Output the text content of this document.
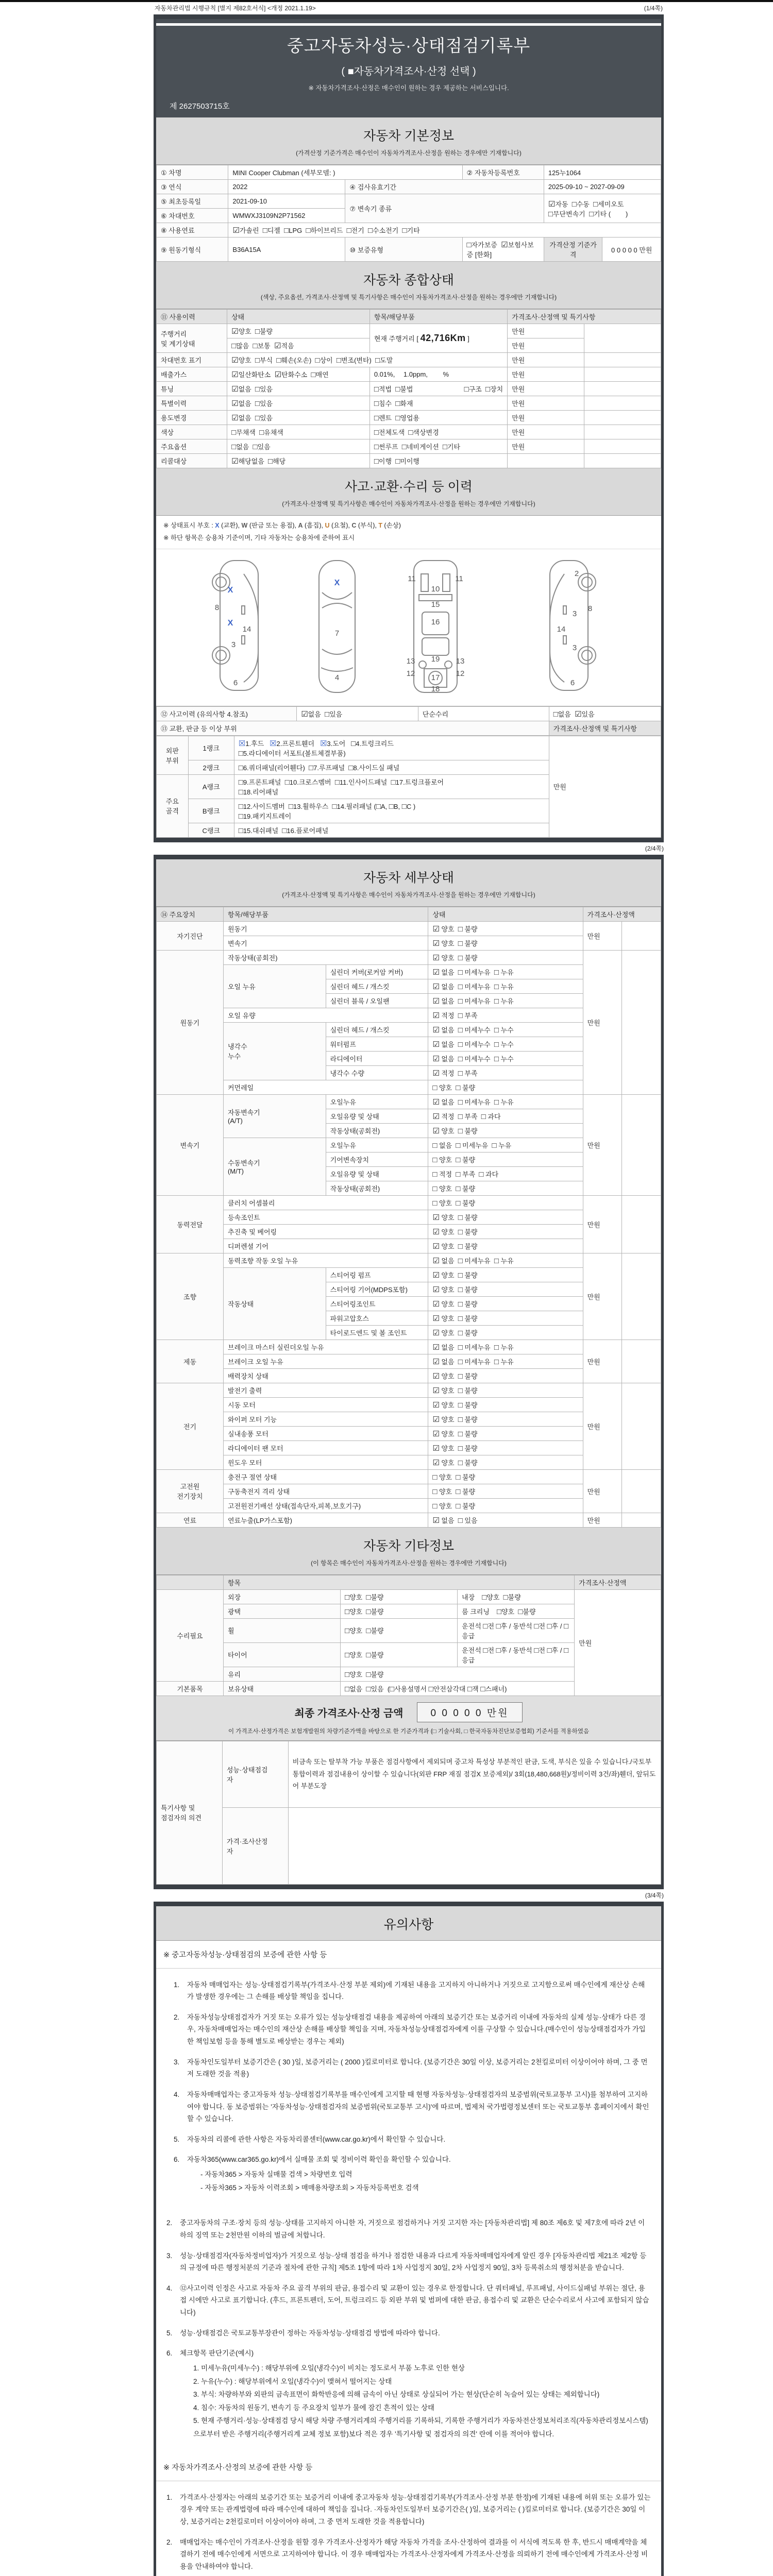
자동차관리법 시행규칙 [별지 제82호서식] <개정 2021.1.19>	(1/4쪽)
중고자동차성능·상태점검기록부
( ■자동차가격조사·산정 선택 )
※ 자동차가격조사·산정은 매수인이 원하는 경우 제공하는 서비스입니다.
제 2627503715호
자동차 기본정보
(가격산정 기준가격은 매수인이 자동차가격조사·산정을 원하는 경우에만 기재합니다)
① 차명	MINI Cooper Clubman (세부모델: )		② 자동차등록번호	125누1064	
③ 연식	2022	④ 검사유효기간		2025-09-10 ~ 2027-09-09	
⑤ 최초등록일	2021-09-10	⑦ 변속기 종류		☑자동  □수동  □세미오토
□무단변속기  □기타 (        )	
⑥ 차대번호	WMWXJ3109N2P71562				
⑧ 사용연료	☑가솔린  □디젤  □LPG  □하이브리드  □전기  □수소전기  □기타				
⑨ 원동기형식	B36A15A	⑩ 보증유형	□자가보증  ☑보험사보증 [한화]	가격산정 기준가격	0 0 0 0 0 만원
자동차 종합상태
(색상, 주요옵션, 가격조사·산정액 및 특기사항은 매수인이 자동차가격조사·산정을 원하는 경우에만 기재합니다)
⑪ 사용이력	상태	항목/해당부품	가격조사·산정액 및 특기사항	
주행거리
및 계기상태	☑양호  □불량	현재 주행거리 [ 42,716Km ]	만원	
	□많음  □보통  ☑적음		만원	
차대번호 표기	☑양호  □부식  □훼손(오손)  □상이  □변조(변타)  □도말		만원	
배출가스	☑일산화탄소  ☑탄화수소  □매연	0.01%,  1.0ppm,   %	만원	
튜닝	☑없음  □있음	□적법  □불법 □구조  □장치	만원	
특별이력	☑없음  □있음	□침수  □화재	만원	
용도변경	☑없음  □있음	□렌트  □영업용	만원	
색상	□무채색  □유채색	□전체도색  □색상변경	만원	
주요옵션	□없음  □있음	□썬루프  □네비게이션  □기타	만원	
리콜대상	☑해당없음  □해당	□이행  □미이행		
사고·교환·수리 등 이력
(가격조사·산정액 및 특기사항은 매수인이 자동차가격조사·산정을 원하는 경우에만 기재합니다)
※ 상태표시 부호 : X (교환), W (판금 또는 용접), A (흠집), U (요철), C (부식), T (손상)
※ 하단 항목은 승용차 기준이며, 기타 자동차는 승용차에 준하여 표시
8
3
14
6
X
X
7
4
X
10
15
16
19
17
18
11	11
12	12
13	13
2
3
8
14
3
6
⑫ 사고이력 (유의사항 4.참조)	☑없음  □있음	단순수리	□없음  ☑있음
⑬ 교환, 판금 등 이상 부위			가격조사·산정액 및 특기사항
외판
부위	1랭크	☒1.후드   ☒2.프론트휀더   ☒3.도어   □4.트렁크리드
□5.라디에이터 서포트(볼트체결부품)	만원
	2랭크	□6.쿼더패널(리어휀다)  □7.루프패널  □8.사이드실 패널	
주요
골격	A랭크	□9.프론트패널  □10.크로스멤버  □11.인사이드패널  □17.트렁크플로어
□18.리어패널	
	B랭크	□12.사이드멤버  □13.휠하우스  □14.필러패널 (□A, □B, □C )
□19.패키지트레이	
	C랭크	□15.대쉬패널  □16.플로어패널	
(2/4쪽)
자동차 세부상태
(가격조사·산정액 및 특기사항은 매수인이 자동차가격조사·산정을 원하는 경우에만 기재합니다)
⑭ 주요장치	항목/해당부품		상태	가격조사·산정액	
자기진단	원동기		☑ 양호  □ 불량	만원	
	변속기		☑ 양호  □ 불량		
원동기	작동상태(공회전)		☑ 양호  □ 불량	만원	
	오일 누유	실린더 커버(로커암 커버)	☑ 없음  □ 미세누유  □ 누유		
		실린더 헤드 / 개스킷	☑ 없음  □ 미세누유  □ 누유		
		실린더 블록 / 오일팬	☑ 없음  □ 미세누유  □ 누유		
	오일 유량		☑ 적정  □ 부족		
	냉각수
누수	실린더 헤드 / 개스킷	☑ 없음  □ 미세누수  □ 누수		
		워터펌프	☑ 없음  □ 미세누수  □ 누수		
		라디에이터	☑ 없음  □ 미세누수  □ 누수		
		냉각수 수량	☑ 적정  □ 부족		
	커먼레일		□ 양호  □ 불량		
변속기	자동변속기
(A/T)	오일누유	☑ 없음  □ 미세누유  □ 누유	만원	
		오일유량 및 상태	☑ 적정  □ 부족  □ 과다		
		작동상태(공회전)	☑ 양호  □ 불량		
	수동변속기
(M/T)	오일누유	□ 없음  □ 미세누유  □ 누유		
		기어변속장치	□ 양호  □ 불량		
		오일유량 및 상태	□ 적정  □ 부족  □ 과다		
		작동상태(공회전)	□ 양호  □ 불량		
동력전달	클러치 어셈블리		□ 양호  □ 불량	만원	
	등속조인트		☑ 양호  □ 불량		
	추진축 및 베어링		☑ 양호  □ 불량		
	디퍼렌셜 기어		☑ 양호  □ 불량		
조향	동력조향 작동 오일 누유		☑ 없음  □ 미세누유  □ 누유	만원	
	작동상태	스티어링 펌프	☑ 양호  □ 불량		
		스티어링 기어(MDPS포함)	☑ 양호  □ 불량		
		스티어링조인트	☑ 양호  □ 불량		
		파워고압호스	☑ 양호  □ 불량		
		타이로드엔드 및 볼 조인트	☑ 양호  □ 불량		
제동	브레이크 마스터 실린더오일 누유		☑ 없음  □ 미세누유  □ 누유	만원	
	브레이크 오일 누유		☑ 없음  □ 미세누유  □ 누유		
	배력장치 상태		☑ 양호  □ 불량		
전기	발전기 출력		☑ 양호  □ 불량	만원	
	시동 모터		☑ 양호  □ 불량		
	와이퍼 모터 기능		☑ 양호  □ 불량		
	실내송풍 모터		☑ 양호  □ 불량		
	라디에이터 팬 모터		☑ 양호  □ 불량		
	윈도우 모터		☑ 양호  □ 불량		
고전원
전기장치	충전구 절연 상태		□ 양호  □ 불량	만원	
	구동축전지 격리 상태		□ 양호  □ 불량		
	고전원전기배선 상태(접속단자,피복,보호기구)		□ 양호  □ 불량		
연료	연료누출(LP가스포함)		☑ 없음  □ 있음	만원	
자동차 기타정보
(이 항목은 매수인이 자동차가격조사·산정을 원하는 경우에만 기재합니다)
	항목			가격조사·산정액
수리필요	외장	□양호  □불량	내장 □양호  □불량	만원
	광택	□양호  □불량	룸 크리닝 □양호  □불량	

	휠	□양호  □불량	운전석 □전 □후 / 동반석 □전 □후 / □응급	
	타이어	□양호  □불량	운전석 □전 □후 / 동반석 □전 □후 / □응급	
	유리	□양호  □불량		
기본품목	보유상태	□없음  □있음  (□사용설명서 □안전삼각대 □잭 □스패너)		
최종 가격조사·산정 금액	0 0 0 0 0 만원
이 가격조사·산정가격은 보험개발원의 차량기준가액을 바탕으로 한 기준가격과 (□ 기술사회, □ 한국자동차진단보증협회) 기준서를 적용하였음
특기사항 및
점검자의 의견	성능·상태점검
자	비금속 또는 탈부착 가능 부품은 점검사항에서 제외되며 중고차 특성상 부분적인 판금, 도색, 부식은 있을 수 있습니다./국토부 통합이력과 점검내용이 상이할 수 있습니다(외판 FRP 재질 점검X 보증제외)/ 3회(18,480,668원)/정비이력 3건/좌)휀더, 앞뒤도어 부분도장
	가격·조사산정
자	
(3/4쪽)
유의사항
※ 중고자동차성능·상태점검의 보증에 관한 사항 등
1.	자동차 매매업자는 성능·상태점검기록부(가격조사·산정 부분 제외)에 기재된 내용을 고지하지 아니하거나 거짓으로 고지함으로써 매수인에게 재산상 손해가 발생한 경우에는 그 손해를 배상할 책임을 집니다.
2.	자동차성능상태점검자가 거짓 또는 오류가 있는 성능상태점검 내용을 제공하여 아래의 보증기간 또는 보증거리 이내에 자동차의 실제 성능·상태가 다른 경우, 자동차매매업자는 매수인의 재산상 손해를 배상할 책임을 지며, 자동차성능상태점검자에게 이를 구상할 수 있습니다.(매수인이 성능상태점검자가 가입한 책임보험 등을 통해 별도로 배상받는 경우는 제외)
3.	자동차인도일부터 보증기간은 ( 30 )일, 보증거리는 ( 2000 )킬로미터로 합니다. (보증기간은 30일 이상, 보증거리는 2천킬로미터 이상이어야 하며, 그 중 먼저 도래한 것을 적용)
4.	자동차매매업자는 중고자동차 성능·상태점검기록부를 매수인에게 고지할 때 현행 자동차성능·상태점검자의 보증범위(국토교통부 고시)를 첨부하여 고지하여야 합니다. 동 보증범위는 '자동차성능·상태점검자의 보증범위(국토교통부 고시)'에 따르며, 법제처 국가법령정보센터 또는 국토교통부 홈페이지에서 확인할 수 있습니다.
5.	자동차의 리콜에 관한 사항은 자동차리콜센터(www.car.go.kr)에서 확인할 수 있습니다.
6.	자동차365(www.car365.go.kr)에서 실매물 조회 및 정비이력 확인을 확인할 수 있습니다.
- 자동차365 > 자동차 실매물 검색 > 차량번호 입력
- 자동차365 > 자동차 이력조회 > 매매용차량조회 > 자동차등록번호 검색
2.	중고자동차의 구조·장치 등의 성능·상태를 고지하지 아니한 자, 거짓으로 점검하거나 거짓 고지한 자는 [자동차관리법] 제 80조 제6호 및 제7호에 따라 2년 이하의 징역 또는 2천만원 이하의 벌금에 처합니다.
3.	성능·상태점검자(자동차정비업자)가 거짓으로 성능·상태 점검을 하거나 점검한 내용과 다르게 자동차매매업자에게 알린 경우 [자동차관리법 제21조 제2항 등의 규정에 따른 행정처분의 기준과 절차에 관한 규칙] 제5조 1항에 따라 1차 사업정지 30일, 2차 사업정지 90일, 3차 등록취소의 행정처분을 받습니다.
4.	⑫사고이력 인정은 사고로 자동차 주요 골격 부위의 판금, 용접수리 및 교환이 있는 경우로 한정합니다. 단 쿼터패널, 루프패널, 사이드실패널 부위는 절단, 용접 시에만 사고로 표기합니다. (후드, 프론트펜더, 도어, 트렁크리드 등 외판 부위 및 범퍼에 대한 판금, 용접수리 및 교환은 단순수리로서 사고에 포함되지 않습니다)
5.	성능·상태점검은 국토교통부장관이 정하는 자동차성능·상태점검 방법에 따라야 합니다.
6.	체크항목 판단기준(예시)
1. 미세누유(미세누수) : 해당부위에 오일(냉각수)이 비치는 정도로서 부품 노후로 인한 현상
2. 누유(누수) : 해당부위에서 오일(냉각수)이 맺혀서 떨어지는 상태
3. 부식: 차량하부와 외판의 금속표면이 화학반응에 의해 금속이 아닌 상태로 상실되어 가는 현상(단순히 녹슬어 있는 상태는 제외합니다)
4. 침수: 자동차의 원동기, 변속기 등 주요장치 일부가 물에 잠긴 흔적이 있는 상태
5. 현재 주행거리·성능·상태점검 당시 해당 차량 주행거리계의 주행거리를 기록하되, 기록한 주행거리가 자동차전산정보처리조직(자동차관리정보시스템)으로부터 받은 주행거리(주행거리계 교체 정보 포함)보다 적은 경우 '특기사항 및 점검자의 의견' 란에 이를 적어야 합니다.
※ 자동차가격조사·산정의 보증에 관한 사항 등
1.	가격조사·산정자는 아래의 보증기간 또는 보증거리 이내에 중고자동차 성능·상태점검기록부(가격조사·산정 부분 한정)에 기재된 내용에 허위 또는 오류가 있는 경우 계약 또는 관계법령에 따라 매수인에 대하여 책임을 집니다. ·자동차인도일부터 보증기간은( )일, 보증거리는 ( )킬로미터로 합니다. (보증기간은 30일 이상, 보증거리는 2천킬로미터 이상이어야 하며, 그 중 먼저 도래한 것을 적용합니다)
2.	매매업자는 매수인이 가격조사·산정을 원할 경우 가격조사·산정자가 해당 자동차 가격을 조사·산정하여 결과를 이 서식에 적도록 한 후, 반드시 매매계약을 체결하기 전에 매수인에게 서면으로 고지하여야 합니다. 이 경우 매매업자는 가격조사·산정자에게 가격조사·산정을 의뢰하기 전에 매수인에게 가격조사·산정 비용을 안내하여야 합니다.
